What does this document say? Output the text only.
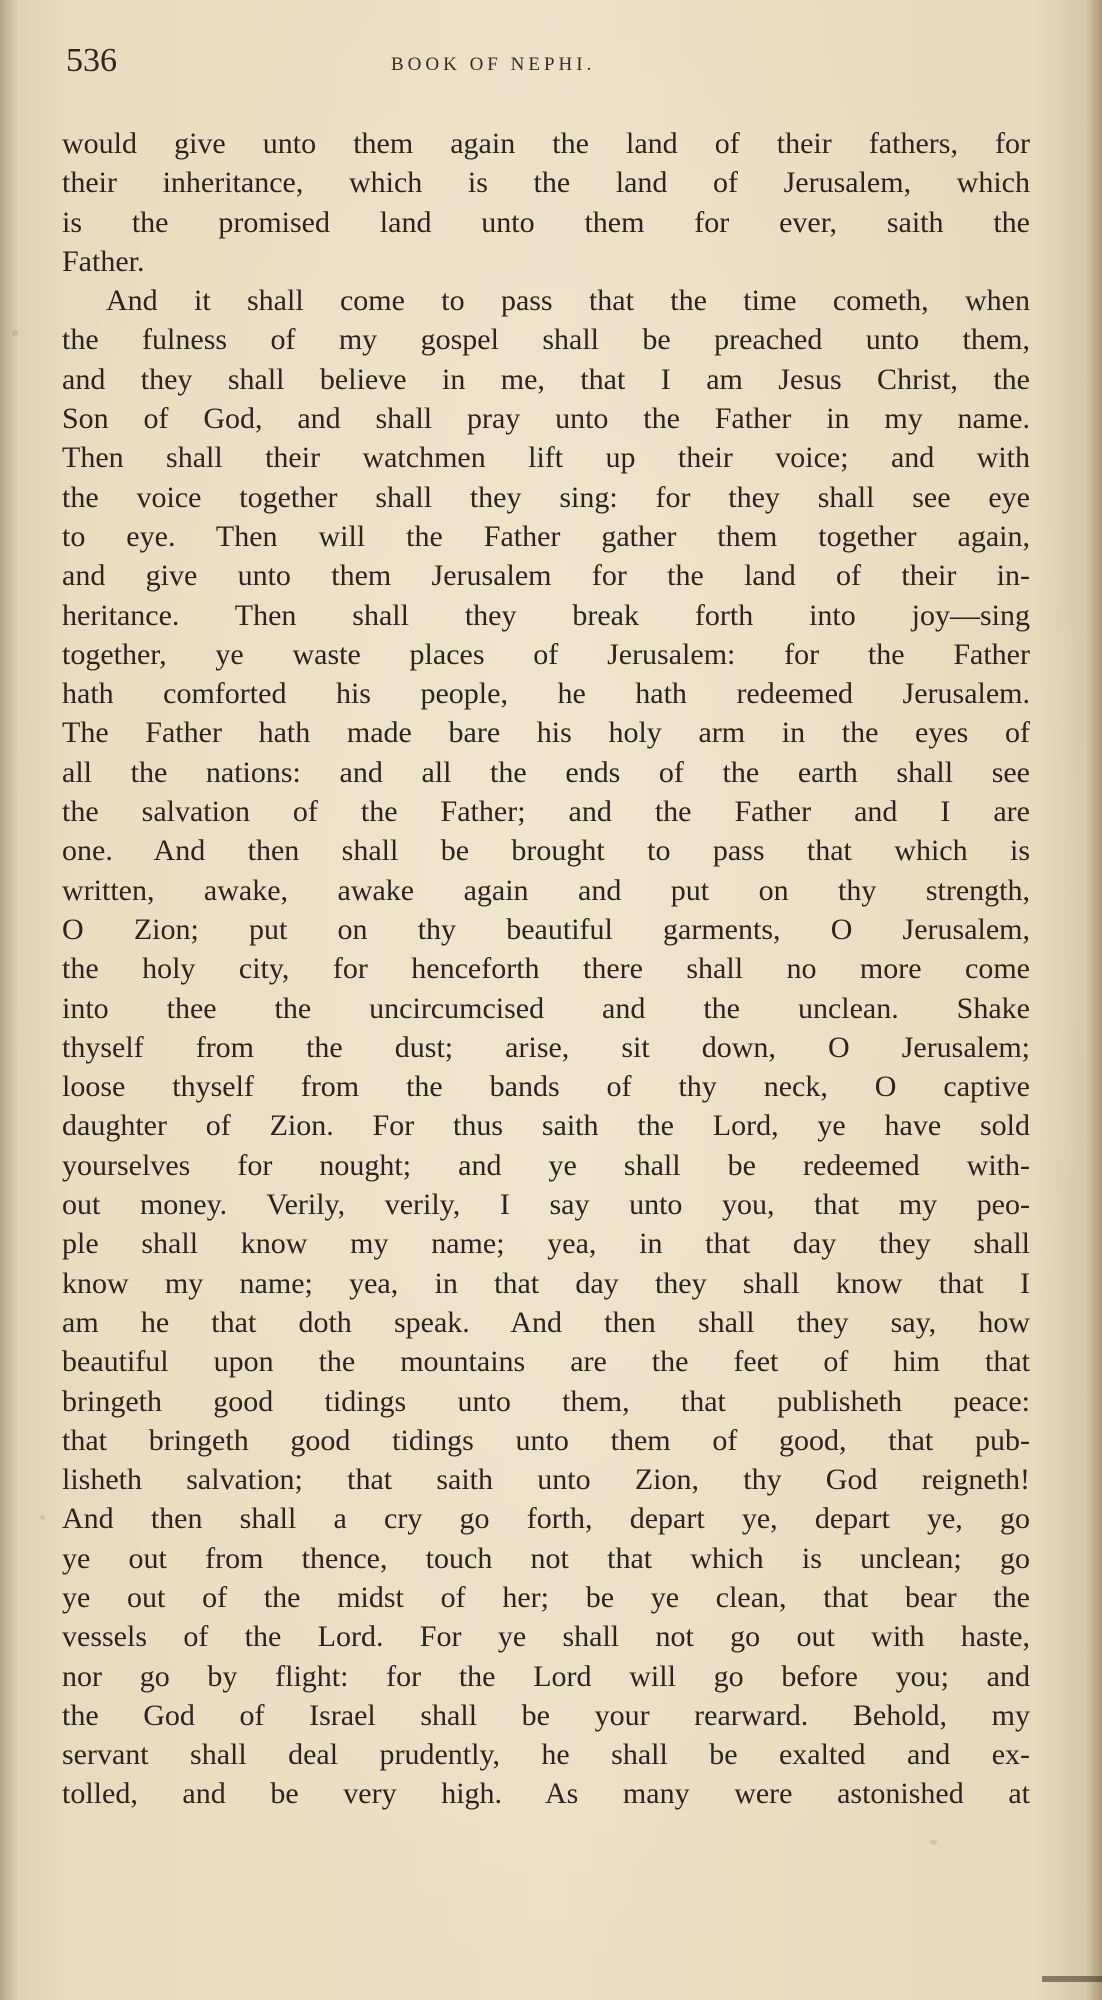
536	BOOK OF NEPHI.
would give unto them again the land of their fathers, for
their inheritance, which is the land of Jerusalem, which
is the promised land unto them for ever, saith the
Father.
And it shall come to pass that the time cometh, when
the fulness of my gospel shall be preached unto them,
and they shall believe in me, that I am Jesus Christ, the
Son of God, and shall pray unto the Father in my name.
Then shall their watchmen lift up their voice; and with
the voice together shall they sing: for they shall see eye
to eye. Then will the Father gather them together again,
and give unto them Jerusalem for the land of their in-
heritance. Then shall they break forth into joy—sing
together, ye waste places of Jerusalem: for the Father
hath comforted his people, he hath redeemed Jerusalem.
The Father hath made bare his holy arm in the eyes of
all the nations: and all the ends of the earth shall see
the salvation of the Father; and the Father and I are
one. And then shall be brought to pass that which is
written, awake, awake again and put on thy strength,
O Zion; put on thy beautiful garments, O Jerusalem,
the holy city, for henceforth there shall no more come
into thee the uncircumcised and the unclean. Shake
thyself from the dust; arise, sit down, O Jerusalem;
loose thyself from the bands of thy neck, O captive
daughter of Zion. For thus saith the Lord, ye have sold
yourselves for nought; and ye shall be redeemed with-
out money. Verily, verily, I say unto you, that my peo-
ple shall know my name; yea, in that day they shall
know my name; yea, in that day they shall know that I
am he that doth speak. And then shall they say, how
beautiful upon the mountains are the feet of him that
bringeth good tidings unto them, that publisheth peace:
that bringeth good tidings unto them of good, that pub-
lisheth salvation; that saith unto Zion, thy God reigneth!
And then shall a cry go forth, depart ye, depart ye, go
ye out from thence, touch not that which is unclean; go
ye out of the midst of her; be ye clean, that bear the
vessels of the Lord. For ye shall not go out with haste,
nor go by flight: for the Lord will go before you; and
the God of Israel shall be your rearward. Behold, my
servant shall deal prudently, he shall be exalted and ex-
tolled, and be very high. As many were astonished at
